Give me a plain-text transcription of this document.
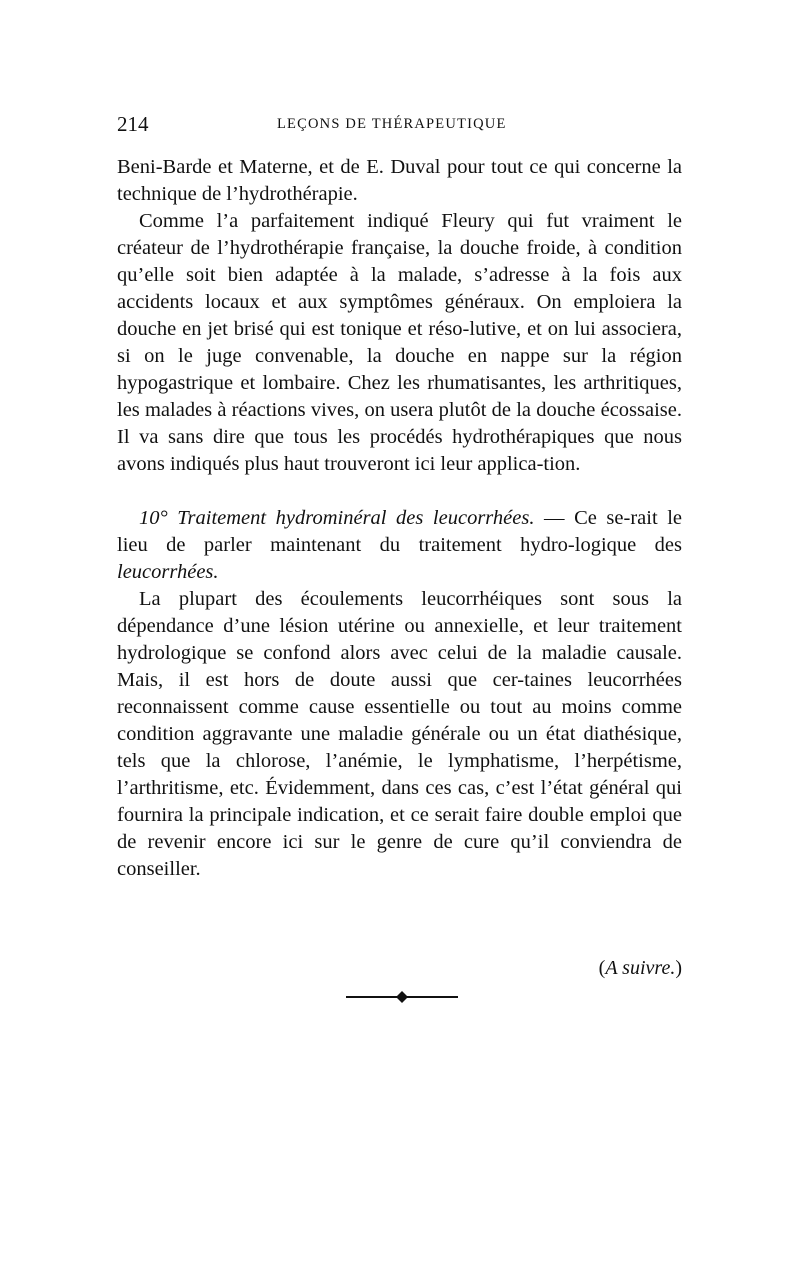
214	LEÇONS DE THÉRAPEUTIQUE

Beni-Barde et Materne, et de E. Duval pour tout ce qui concerne la technique de l’hydrothérapie.

Comme l’a parfaitement indiqué Fleury qui fut vraiment le créateur de l’hydrothérapie française, la douche froide, à condition qu’elle soit bien adaptée à la malade, s’adresse à la fois aux accidents locaux et aux symptômes généraux. On emploiera la douche en jet brisé qui est tonique et réso-lutive, et on lui associera, si on le juge convenable, la douche en nappe sur la région hypogastrique et lombaire. Chez les rhumatisantes, les arthritiques, les malades à réactions vives, on usera plutôt de la douche écossaise. Il va sans dire que tous les procédés hydrothérapiques que nous avons indiqués plus haut trouveront ici leur applica-tion.

10° Traitement hydrominéral des leucorrhées. — Ce se-rait le lieu de parler maintenant du traitement hydro-logique des leucorrhées.

La plupart des écoulements leucorrhéiques sont sous la dépendance d’une lésion utérine ou annexielle, et leur traitement hydrologique se confond alors avec celui de la maladie causale. Mais, il est hors de doute aussi que cer-taines leucorrhées reconnaissent comme cause essentielle ou tout au moins comme condition aggravante une maladie générale ou un état diathésique, tels que la chlorose, l’anémie, le lymphatisme, l’herpétisme, l’arthritisme, etc. Évidemment, dans ces cas, c’est l’état général qui fournira la principale indication, et ce serait faire double emploi que de revenir encore ici sur le genre de cure qu’il conviendra de conseiller.

(A suivre.)
